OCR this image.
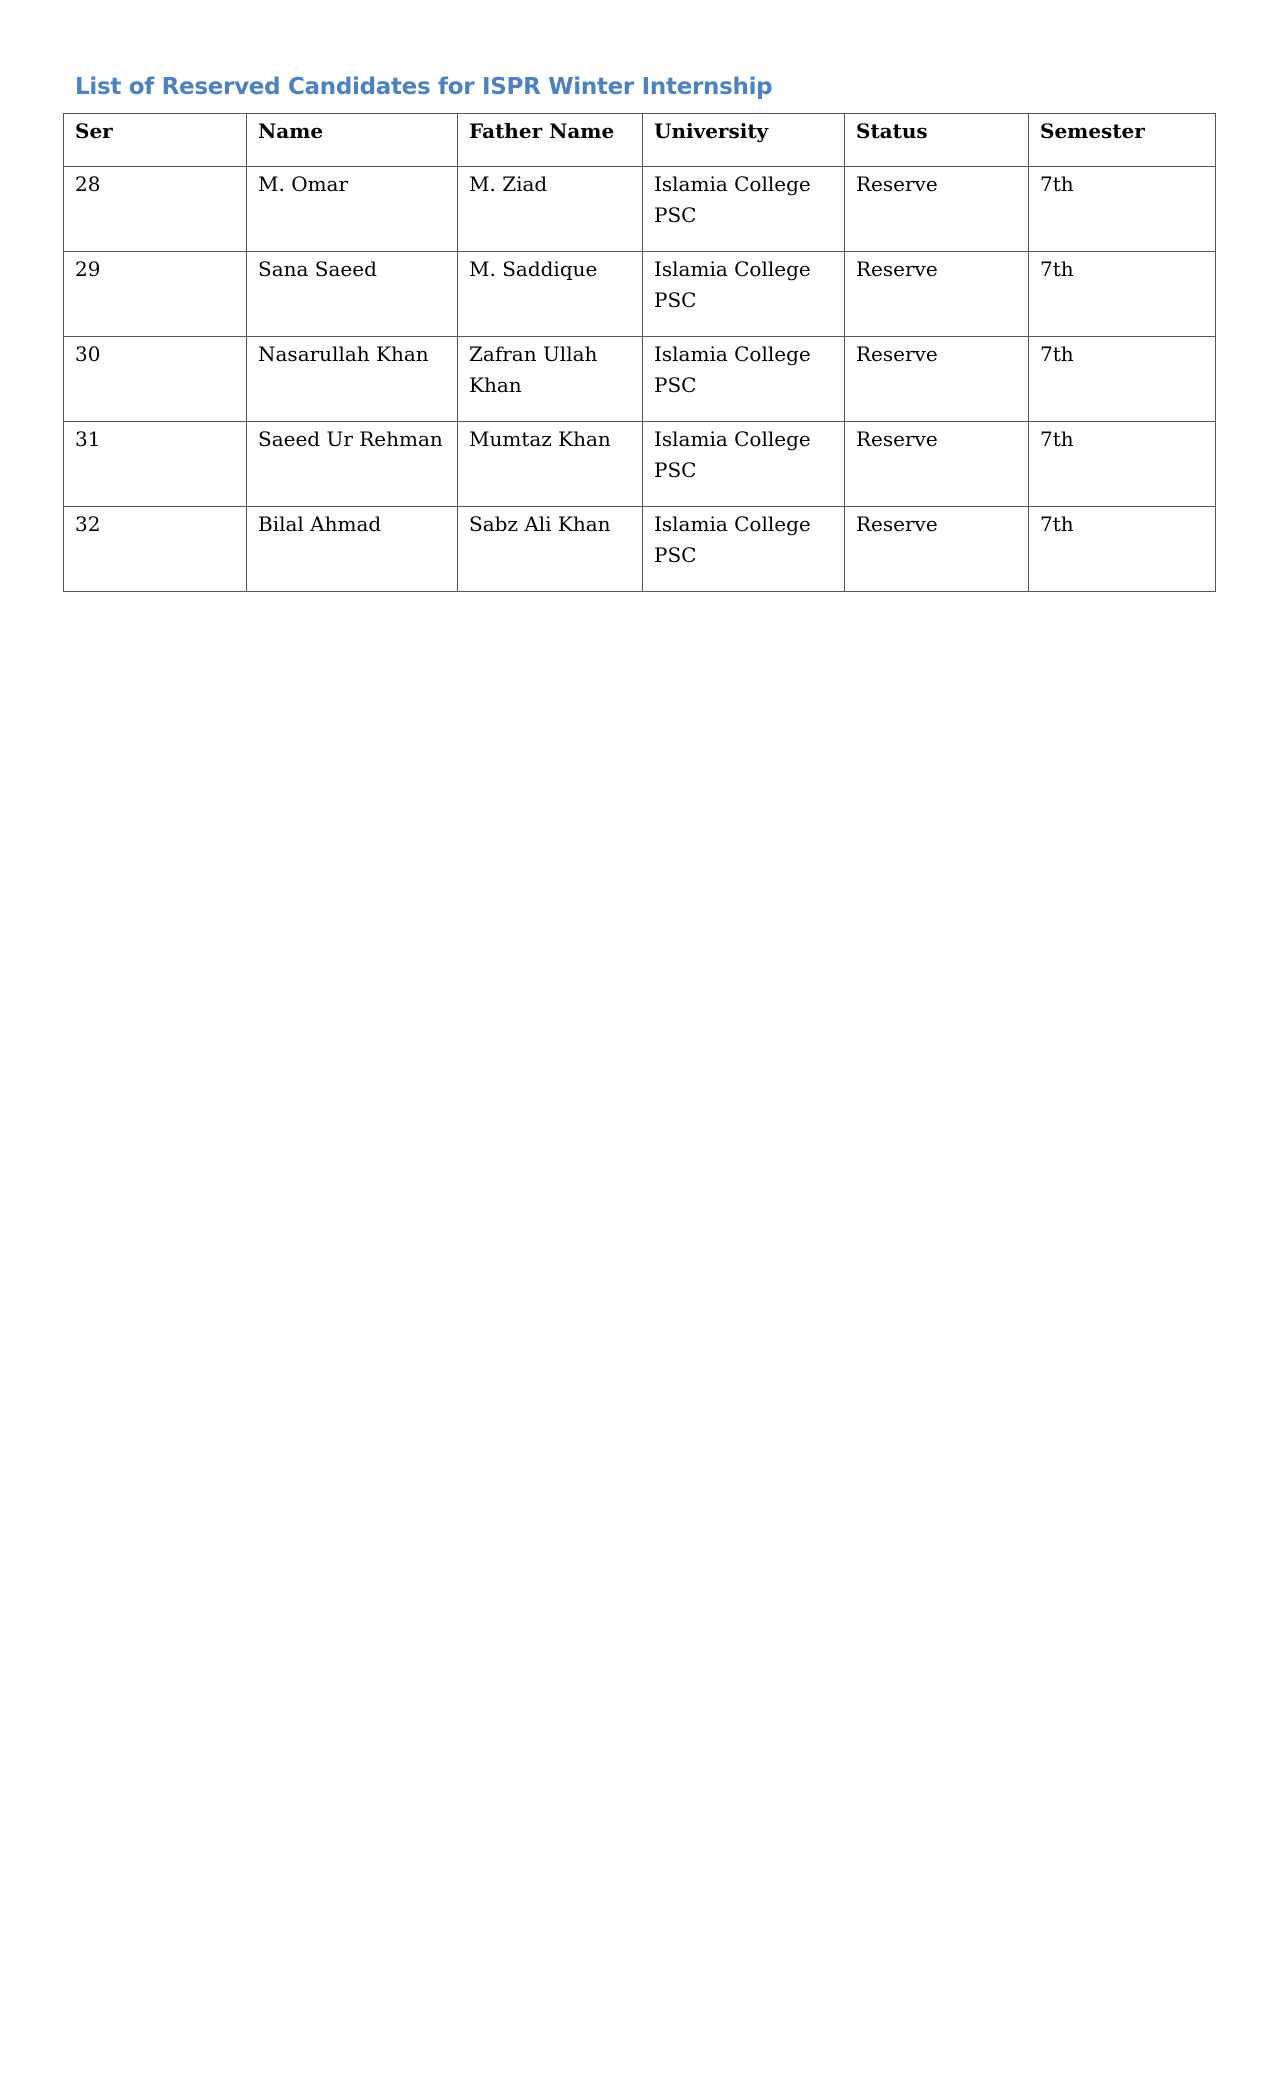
List of Reserved Candidates for ISPR Winter Internship
Ser	Name	Father Name	University	Status	Semester
28	M. Omar	M. Ziad	Islamia College PSC	Reserve	7th
29	Sana Saeed	M. Saddique	Islamia College PSC	Reserve	7th
30	Nasarullah Khan	Zafran Ullah Khan	Islamia College PSC	Reserve	7th
31	Saeed Ur Rehman	Mumtaz Khan	Islamia College PSC	Reserve	7th
32	Bilal Ahmad	Sabz Ali Khan	Islamia College PSC	Reserve	7th
